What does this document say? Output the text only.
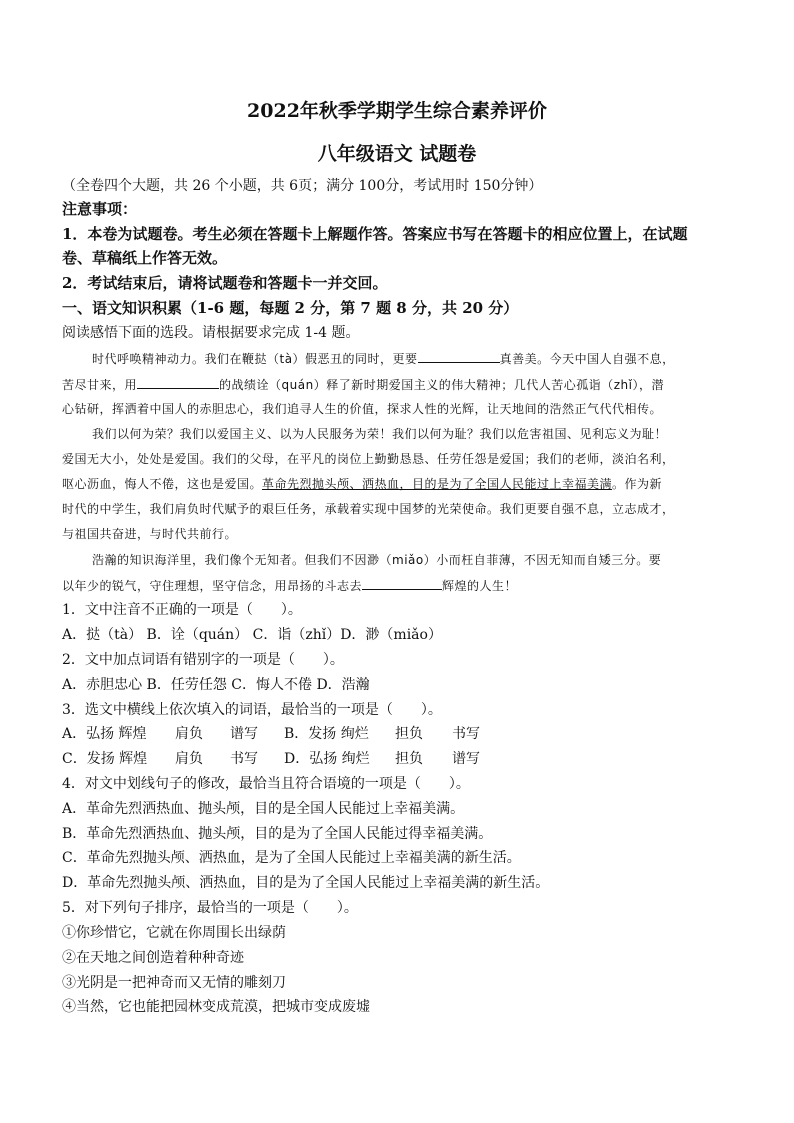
2022年秋季学期学生综合素养评价
八年级语文 试题卷
（全卷四个大题，共 26 个小题，共 6页；满分 100分，考试用时 150分钟）
注意事项：
1．本卷为试题卷。考生必须在答题卡上解题作答。答案应书写在答题卡的相应位置上，在试题
卷、草稿纸上作答无效。
2．考试结束后，请将试题卷和答题卡一并交回。
一、语文知识积累（1-6 题，每题 2 分，第 7 题 8 分，共 20 分）
阅读感悟下面的选段。请根据要求完成 1-4 题。
时代呼唤精神动力。我们在鞭挞（tà）假恶丑的同时，更要	真善美。今天中国人自强不息，
苦尽甘来，用	的战绩诠（quán）释了新时期爱国主义的伟大精神；几代人苦心孤诣（zhǐ），潜
心钻研，挥洒着中国人的赤胆忠心，我们追寻人生的价值，探求人性的光辉，让天地间的浩然正气代代相传。
我们以何为荣？我们以爱国主义、以为人民服务为荣！我们以何为耻？我们以危害祖国、见利忘义为耻！
爱国无大小，处处是爱国。我们的父母，在平凡的岗位上勤勤恳恳、任劳任怨是爱国；我们的老师，淡泊名利，
呕心沥血，悔人不倦，这也是爱国。革命先烈抛头颅、洒热血，目的是为了全国人民能过上幸福美满。作为新
时代的中学生，我们肩负时代赋予的艰巨任务，承载着实现中国梦的光荣使命。我们更要自强不息，立志成才，
与祖国共奋进，与时代共前行。
浩瀚的知识海洋里，我们像个无知者。但我们不因渺（miǎo）小而枉自菲薄，不因无知而自矮三分。要
以年少的锐气，守住理想，坚守信念，用昂扬的斗志去	辉煌的人生！
1．文中注音不正确的一项是（　　）。
A．挞（tà） B．诠（quán） C．诣（zhǐ）D．渺（miǎo）
2．文中加点词语有错别字的一项是（　　）。
A．赤胆忠心 B．任劳任怨 C．悔人不倦 D．浩瀚
3．选文中横线上依次填入的词语，最恰当的一项是（　　）。
A．弘扬 辉煌 肩负 谱写 B．发扬 绚烂 担负 书写
C．发扬 辉煌 肩负 书写 D．弘扬 绚烂 担负 谱写
4．对文中划线句子的修改，最恰当且符合语境的一项是（　　）。
A．革命先烈洒热血、抛头颅，目的是全国人民能过上幸福美满。
B．革命先烈洒热血、抛头颅，目的是为了全国人民能过得幸福美满。
C．革命先烈抛头颅、洒热血，是为了全国人民能过上幸福美满的新生活。
D．革命先烈抛头颅、洒热血，目的是为了全国人民能过上幸福美满的新生活。
5．对下列句子排序，最恰当的一项是（　　）。
①你珍惜它，它就在你周围长出绿荫
②在天地之间创造着种种奇迹
③光阴是一把神奇而又无情的雕刻刀
④当然，它也能把园林变成荒漠，把城市变成废墟
